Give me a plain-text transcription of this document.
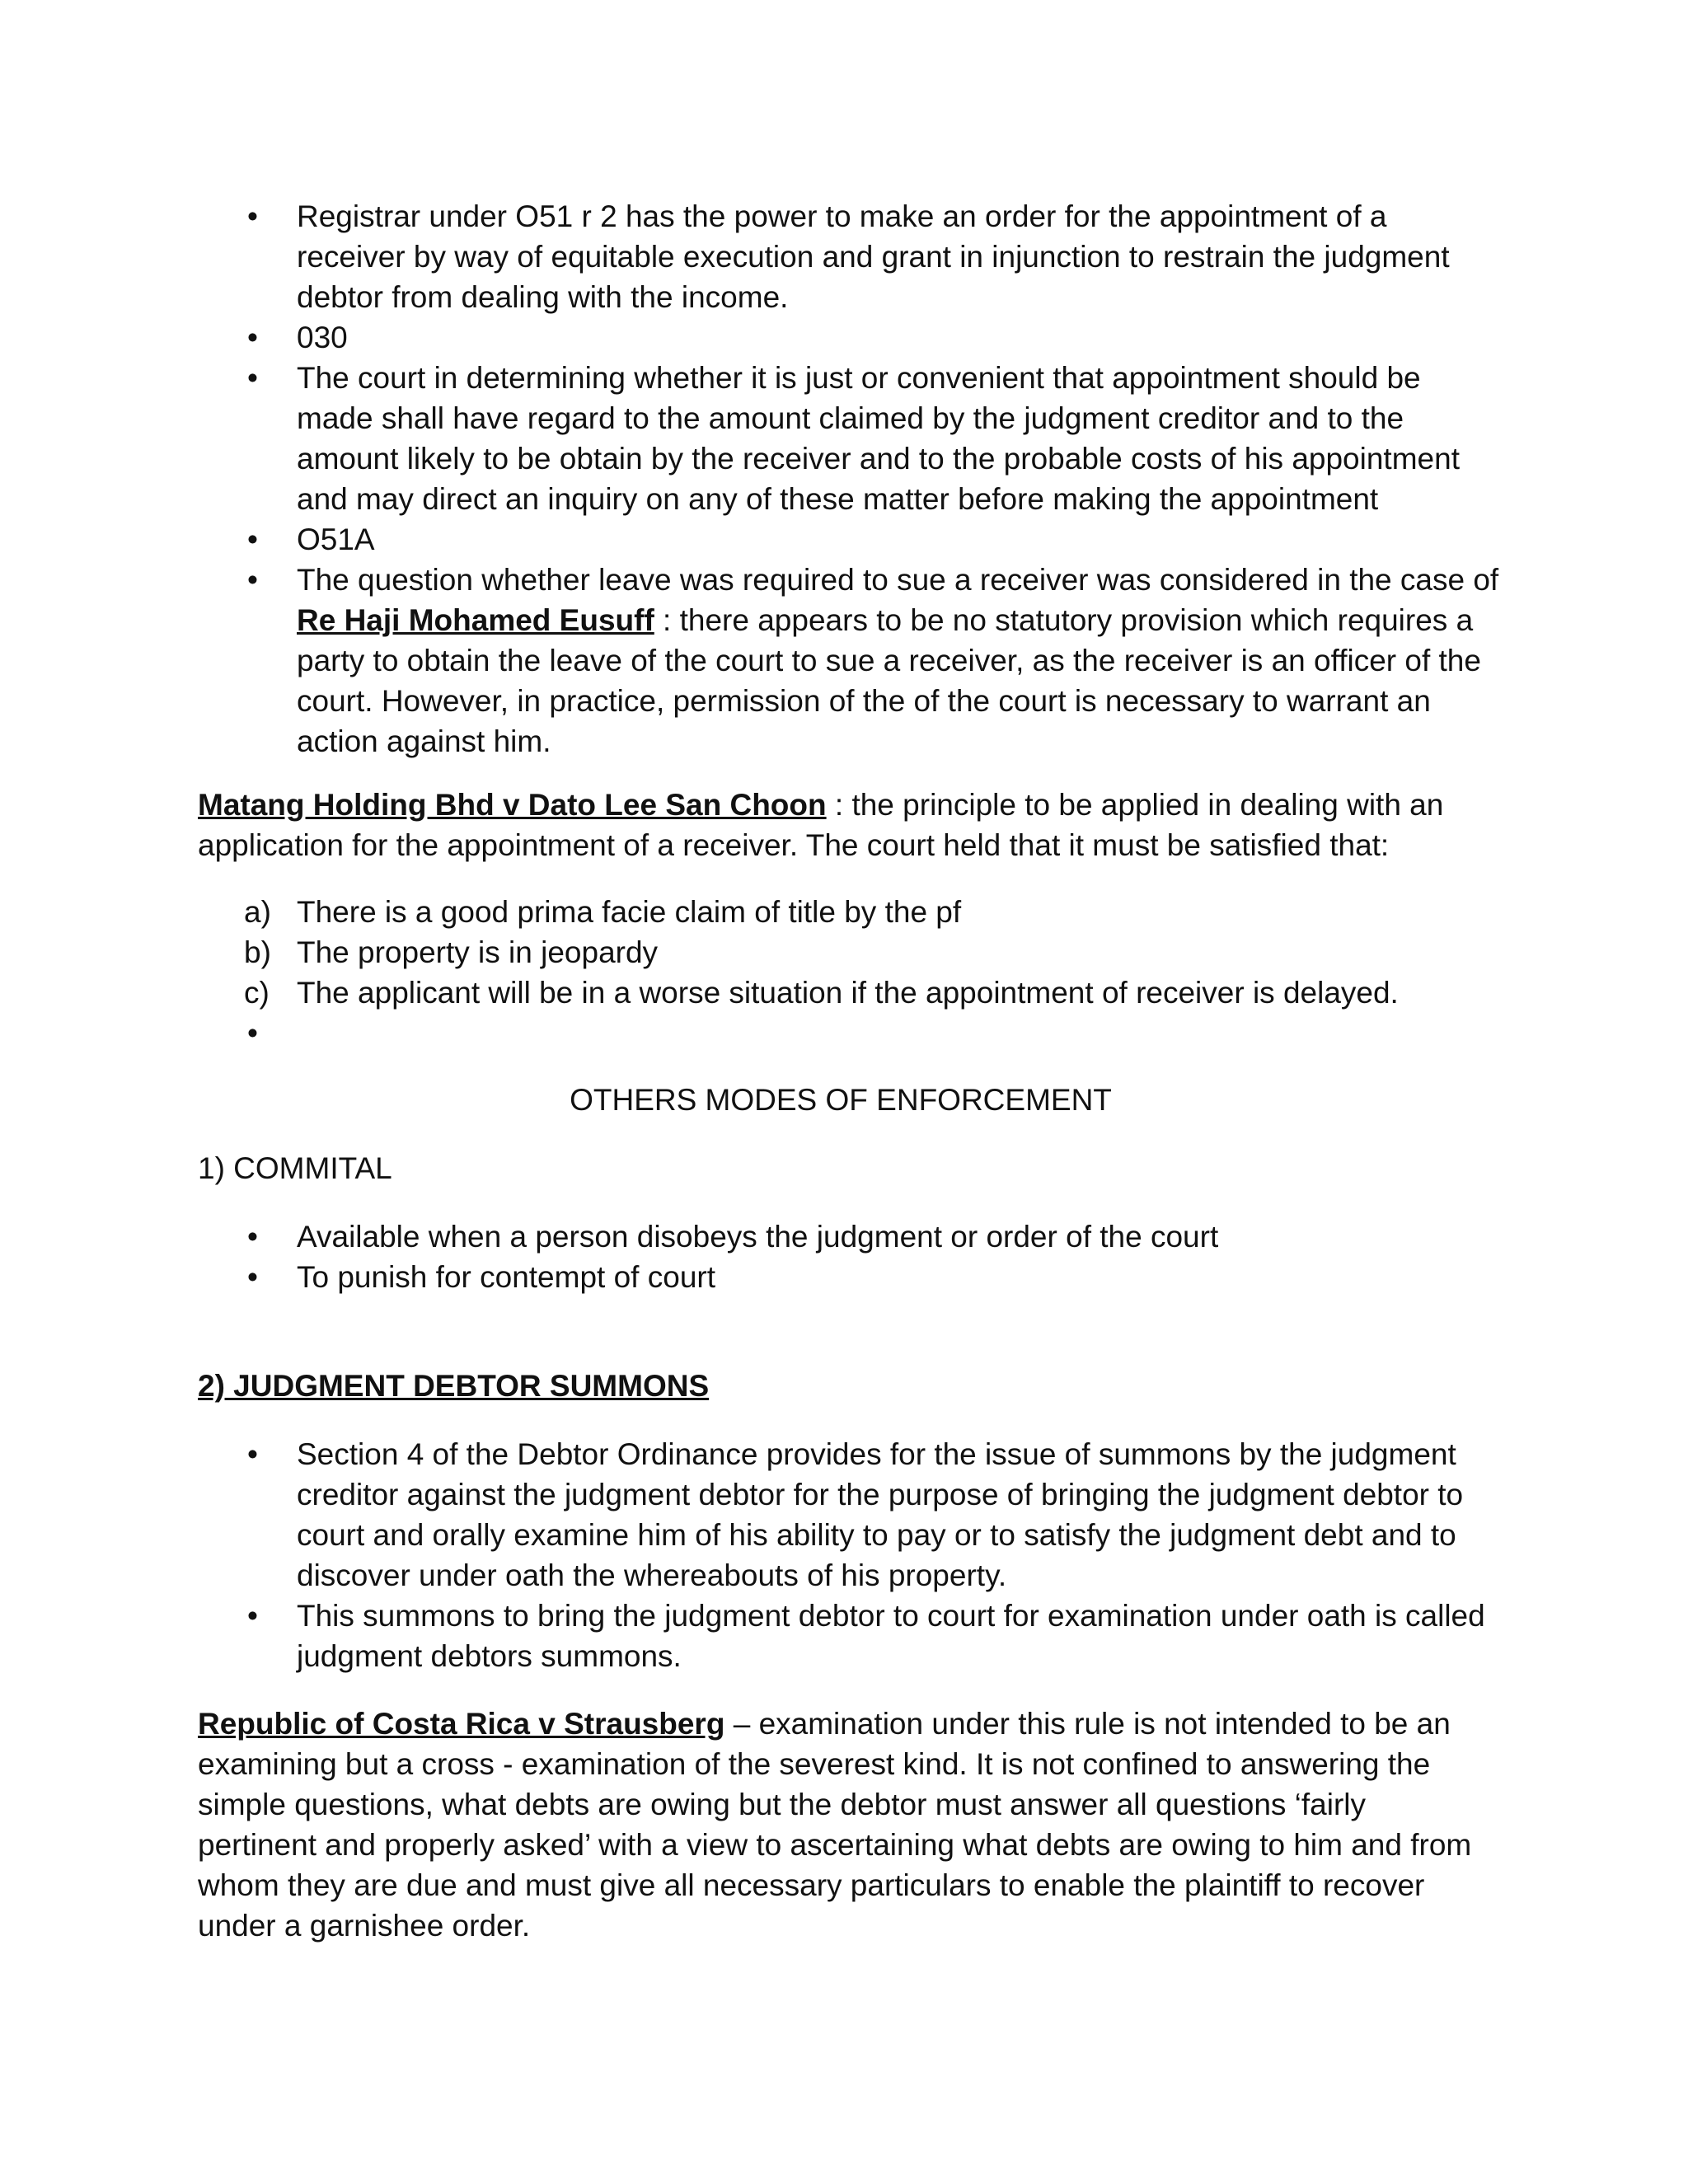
• Registrar under O51 r 2 has the power to make an order for the appointment of a receiver by way of equitable execution and grant in injunction to restrain the judgment debtor from dealing with the income.
• 030
• The court in determining whether it is just or convenient that appointment should be made shall have regard to the amount claimed by the judgment creditor and to the amount likely to be obtain by the receiver and to the probable costs of his appointment and may direct an inquiry on any of these matter before making the appointment
• O51A
• The question whether leave was required to sue a receiver was considered in the case of Re Haji Mohamed Eusuff : there appears to be no statutory provision which requires a party to obtain the leave of the court to sue a receiver, as the receiver is an officer of the court. However, in practice, permission of the of the court is necessary to warrant an action against him.

Matang Holding Bhd v Dato Lee San Choon : the principle to be applied in dealing with an application for the appointment of a receiver. The court held that it must be satisfied that:

a) There is a good prima facie claim of title by the pf
b) The property is in jeopardy
c) The applicant will be in a worse situation if the appointment of receiver is delayed.
•

OTHERS MODES OF ENFORCEMENT
1) COMMITAL
• Available when a person disobeys the judgment or order of the court
• To punish for contempt of court
2) JUDGMENT DEBTOR SUMMONS
• Section 4 of the Debtor Ordinance provides for the issue of summons by the judgment creditor against the judgment debtor for the purpose of bringing the judgment debtor to court and orally examine him of his ability to pay or to satisfy the judgment debt and to discover under oath the whereabouts of his property.
• This summons to bring the judgment debtor to court for examination under oath is called judgment debtors summons.

Republic of Costa Rica v Strausberg – examination under this rule is not intended to be an examining but a cross - examination of the severest kind. It is not confined to answering the simple questions, what debts are owing but the debtor must answer all questions ‘fairly pertinent and properly asked’ with a view to ascertaining what debts are owing to him and from whom they are due and must give all necessary particulars to enable the plaintiff to recover under a garnishee order.
